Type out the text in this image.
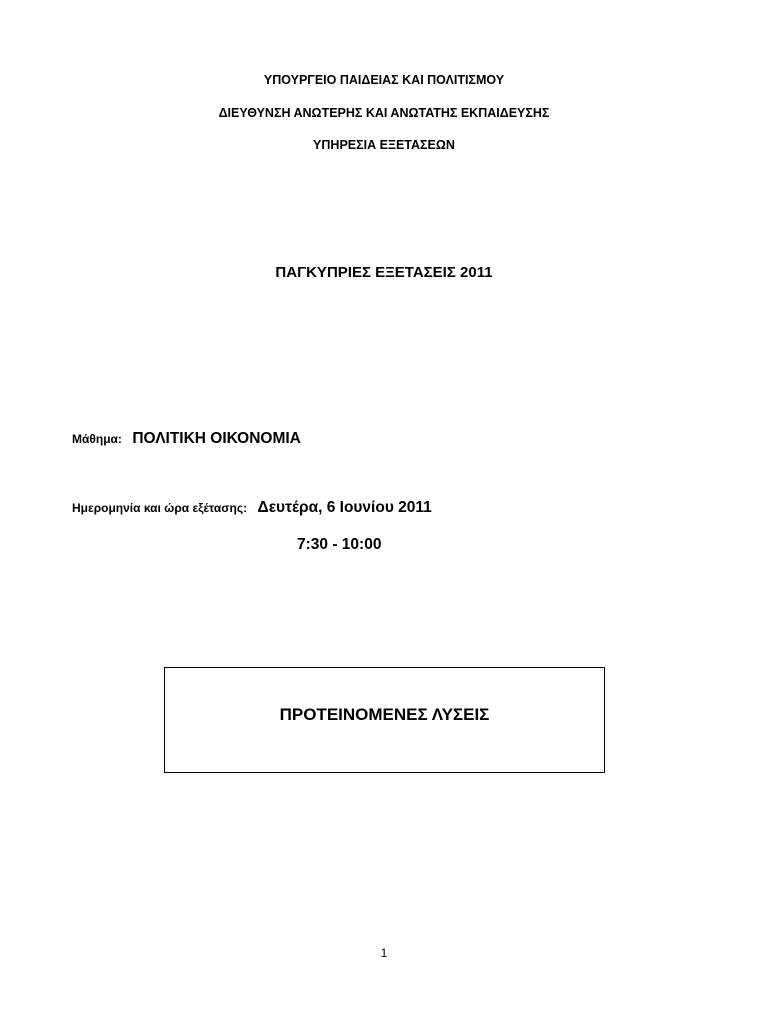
ΥΠΟΥΡΓΕΙΟ ΠΑΙΔΕΙΑΣ ΚΑΙ ΠΟΛΙΤΙΣΜΟΥ
ΔΙΕΥΘΥΝΣΗ ΑΝΩΤΕΡΗΣ ΚΑΙ ΑΝΩΤΑΤΗΣ ΕΚΠΑΙΔΕΥΣΗΣ
ΥΠΗΡΕΣΙΑ ΕΞΕΤΑΣΕΩΝ
ΠΑΓΚΥΠΡΙΕΣ ΕΞΕΤΑΣΕΙΣ 2011
Μάθημα: ΠΟΛΙΤΙΚΗ ΟΙΚΟΝΟΜΙΑ
Ημερομηνία και ώρα εξέτασης: Δευτέρα, 6 Ιουνίου 2011
7:30 - 10:00
ΠΡΟΤΕΙΝΟΜΕΝΕΣ ΛΥΣΕΙΣ
1
